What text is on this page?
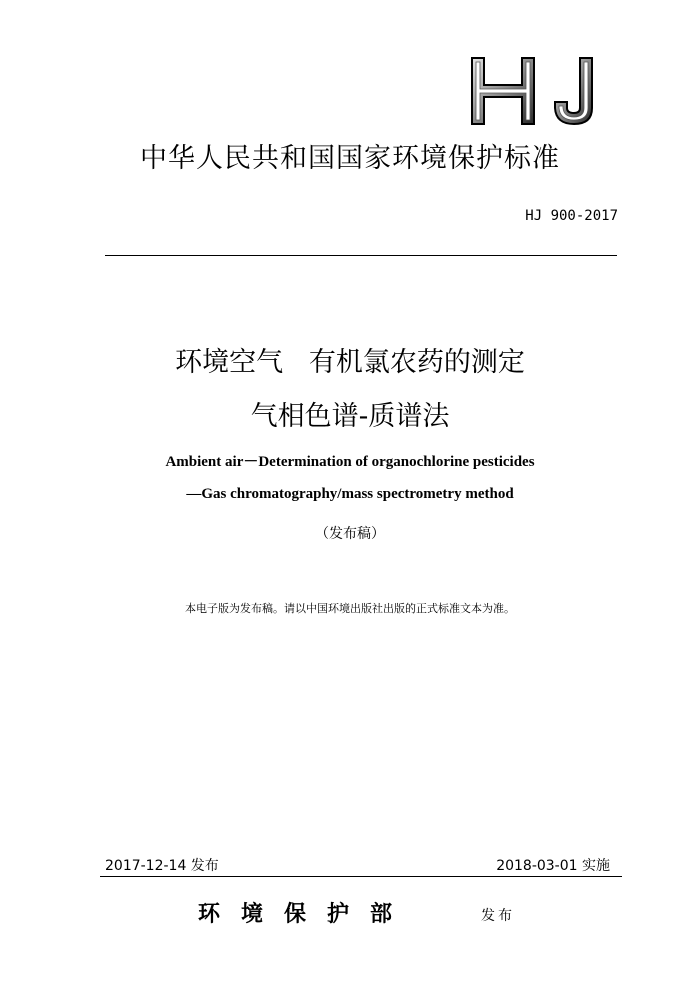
中华人民共和国国家环境保护标准
HJ 900-2017
环境空气   有机氯农药的测定
气相色谱-质谱法
Ambient air－Determination of organochlorine pesticides
—Gas chromatography/mass spectrometry method
（发布稿）
本电子版为发布稿。请以中国环境出版社出版的正式标准文本为准。
2017-12-14 发布	2018-03-01 实施
环境保护部	发布
